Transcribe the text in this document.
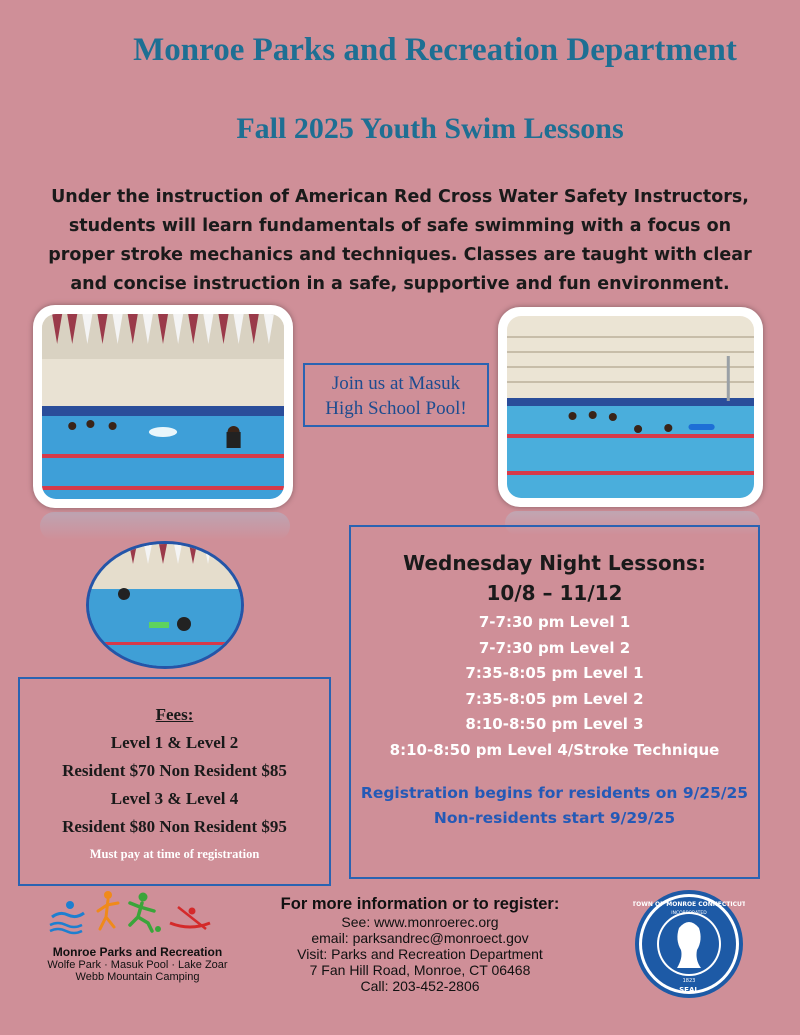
Monroe Parks and Recreation Department
Fall 2025 Youth Swim Lessons
Under the instruction of American Red Cross Water Safety Instructors,
students will learn fundamentals of safe swimming with a focus on
proper stroke mechanics and techniques. Classes are taught with clear
and concise instruction in a safe, supportive and fun environment.
Join us at Masuk
High School Pool!
Fees:
Level 1 & Level 2
Resident $70 Non Resident $85
Level 3 & Level 4
Resident $80 Non Resident $95
Must pay at time of registration
Wednesday Night Lessons:
10/8 – 11/12
7-7:30 pm Level 1
7-7:30 pm Level 2
7:35-8:05 pm Level 1
7:35-8:05 pm Level 2
8:10-8:50 pm Level 3
8:10-8:50 pm Level 4/Stroke Technique
Registration begins for residents on 9/25/25
Non-residents start 9/29/25
Monroe Parks and Recreation
Wolfe Park · Masuk Pool · Lake Zoar
Webb Mountain Camping
For more information or to register:
See: www.monroerec.org
email: parksandrec@monroect.gov
Visit: Parks and Recreation Department
7 Fan Hill Road, Monroe, CT 06468
Call: 203-452-2806
TOWN OF MONROE CONNECTICUT
INCORPORATED
1823
SEAL
